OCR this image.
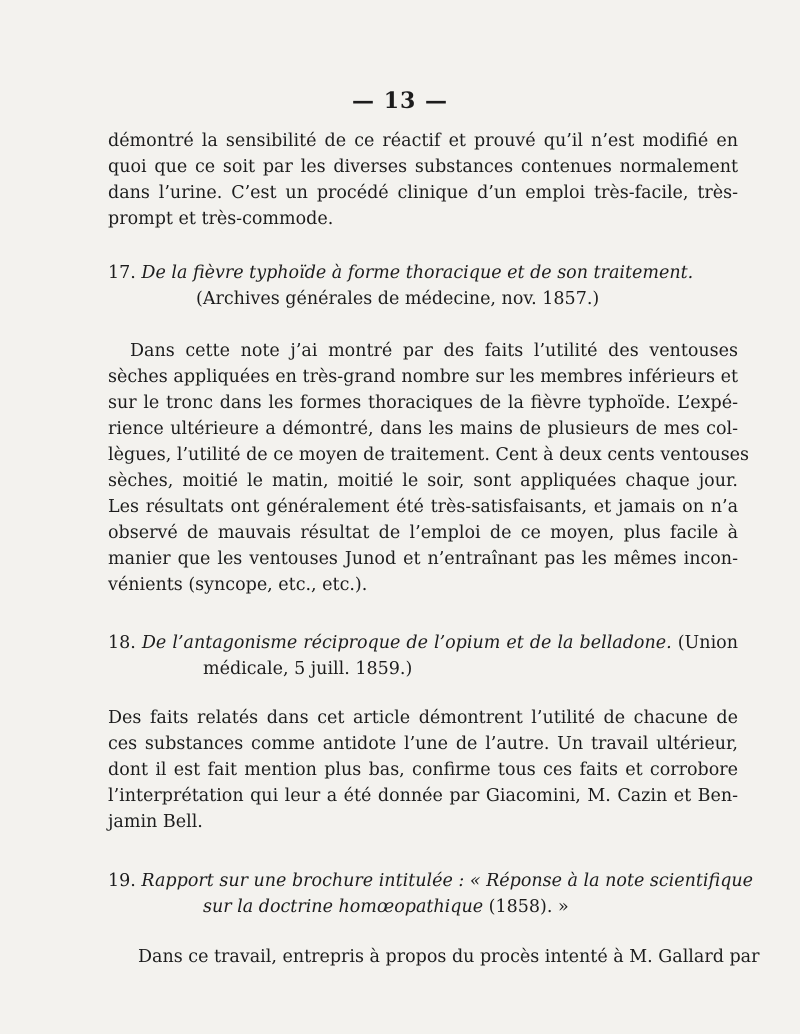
— 13 —
démontré la sensibilité de ce réactif et prouvé qu’il n’est modifié en
quoi que ce soit par les diverses substances contenues normalement
dans l’urine. C’est un procédé clinique d’un emploi très-facile, très-
prompt et très-commode.
17. De la fièvre typhoïde à forme thoracique et de son traitement.
(Archives générales de médecine, nov. 1857.)
Dans cette note j’ai montré par des faits l’utilité des ventouses
sèches appliquées en très-grand nombre sur les membres inférieurs et
sur le tronc dans les formes thoraciques de la fièvre typhoïde. L’expé-
rience ultérieure a démontré, dans les mains de plusieurs de mes col-
lègues, l’utilité de ce moyen de traitement. Cent à deux cents ventouses
sèches, moitié le matin, moitié le soir, sont appliquées chaque jour.
Les résultats ont généralement été très-satisfaisants, et jamais on n’a
observé de mauvais résultat de l’emploi de ce moyen, plus facile à
manier que les ventouses Junod et n’entraînant pas les mêmes incon-
vénients (syncope, etc., etc.).
18. De l’antagonisme réciproque de l’opium et de la belladone. (Union
médicale, 5 juill. 1859.)
Des faits relatés dans cet article démontrent l’utilité de chacune de
ces substances comme antidote l’une de l’autre. Un travail ultérieur,
dont il est fait mention plus bas, confirme tous ces faits et corrobore
l’interprétation qui leur a été donnée par Giacomini, M. Cazin et Ben-
jamin Bell.
19. Rapport sur une brochure intitulée : « Réponse à la note scientifique
sur la doctrine homœopathique (1858). »
Dans ce travail, entrepris à propos du procès intenté à M. Gallard par
